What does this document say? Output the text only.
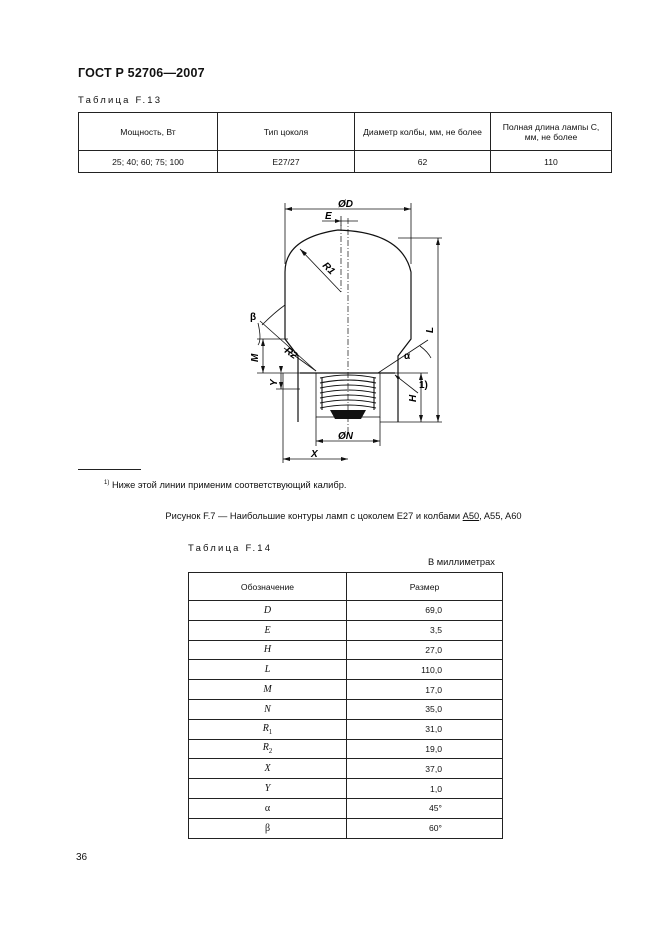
ГОСТ Р 52706—2007
Таблица F.13
Мощность, Вт	Тип цоколя	Диаметр колбы, мм, не более	Полная длина лампы C, мм, не более
25; 40; 60; 75; 100	E27/27	62	110
ØD
E
R1
R2
β
α
M
Y	1)
H
L
ØN
X
$^{1)}$ Ниже этой линии применим соответствующий калибр.
Рисунок F.7 — Наибольшие контуры ламп с цоколем E27 и колбами A50, A55, A60
Таблица F.14
В миллиметрах
Обозначение	Размер
D	69,0
E	3,5
H	27,0
L	110,0
M	17,0
N	35,0
$R_1$	31,0
$R_2$	19,0
X	37,0
Y	1,0
α	45°
β	60°
36
